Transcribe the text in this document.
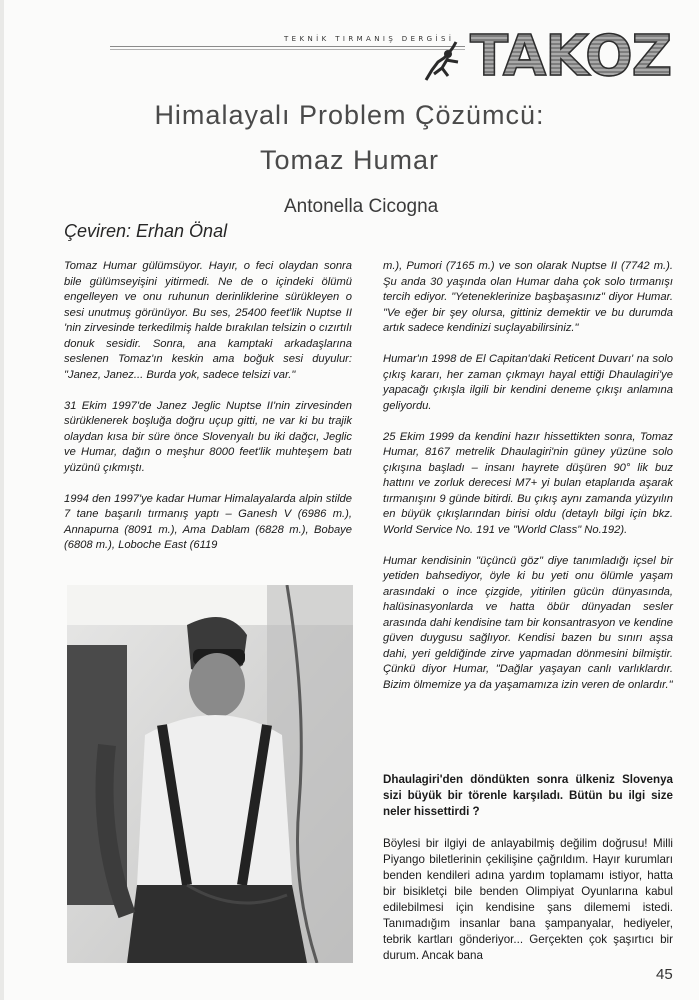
TEKNİK TIRMANIŞ DERGİSİ TAKOZ
Himalayalı Problem Çözümcü:
Tomaz Humar
Antonella Cicogna
Çeviren: Erhan Önal

Tomaz Humar gülümsüyor. Hayır, o feci olaydan sonra bile gülümseyişini yitirmedi. Ne de o içindeki ölümü engelleyen ve onu ruhunun derinliklerine sürükleyen o sesi unutmuş görünüyor. Bu ses, 25400 feet'lik Nuptse II 'nin zirvesinde terkedilmiş halde bırakılan telsizin o cızırtılı donuk sesidir. Sonra, ana kamptaki arkadaşlarına seslenen Tomaz'ın keskin ama boğuk sesi duyulur: "Janez, Janez... Burda yok, sadece telsizi var."

31 Ekim 1997'de Janez Jeglic Nuptse II'nin zirvesinden sürüklenerek boşluğa doğru uçup gitti, ne var ki bu trajik olaydan kısa bir süre önce Slovenyalı bu iki dağcı, Jeglic ve Humar, dağın o meşhur 8000 feet'lik muhteşem batı yüzünü çıkmıştı.

1994 den 1997'ye kadar Humar Himalayalarda alpin stilde 7 tane başarılı tırmanış yaptı – Ganesh V (6986 m.), Annapurna (8091 m.), Ama Dablam (6828 m.), Bobaye (6808 m.), Loboche East (6119

m.), Pumori (7165 m.) ve son olarak Nuptse II (7742 m.). Şu anda 30 yaşında olan Humar daha çok solo tırmanışı tercih ediyor. "Yeteneklerinize başbaşasınız" diyor Humar. "Ve eğer bir şey olursa, gittiniz demektir ve bu durumda artık sadece kendinizi suçlayabilirsiniz."

Humar'ın 1998 de El Capitan'daki Reticent Duvarı' na solo çıkış kararı, her zaman çıkmayı hayal ettiği Dhaulagiri'ye yapacağı çıkışla ilgili bir kendini deneme çıkışı anlamına geliyordu.

25 Ekim 1999 da kendini hazır hissettikten sonra, Tomaz Humar, 8167 metrelik Dhaulagiri'nin güney yüzüne solo çıkışına başladı – insanı hayrete düşüren 90° lik buz hattını ve zorluk derecesi M7+ yi bulan etaplarıda aşarak tırmanışını 9 günde bitirdi. Bu çıkış aynı zamanda yüzyılın en büyük çıkışlarından birisi oldu (detaylı bilgi için bkz. World Service No. 191 ve "World Class" No.192).

Humar kendisinin "üçüncü göz" diye tanımladığı içsel bir yetiden bahsediyor, öyle ki bu yeti onu ölümle yaşam arasındaki o ince çizgide, yitirilen gücün dünyasında, halüsinasyonlarda ve hatta öbür dünyadan sesler arasında dahi kendisine tam bir konsantrasyon ve kendine güven duygusu sağlıyor. Kendisi bazen bu sınırı aşsa dahi, yeri geldiğinde zirve yapmadan dönmesini bilmiştir. Çünkü diyor Humar, "Dağlar yaşayan canlı varlıklardır. Bizim ölmemize ya da yaşamamıza izin veren de onlardır."

Dhaulagiri'den döndükten sonra ülkeniz Slovenya sizi büyük bir törenle karşıladı. Bütün bu ilgi size neler hissettirdi ?

Böylesi bir ilgiyi de anlayabilmiş değilim doğrusu! Milli Piyango biletlerinin çekilişine çağrıldım. Hayır kurumları benden kendileri adına yardım toplamamı istiyor, hatta bir bisikletçi bile benden Olimpiyat Oyunlarına kabul edilebilmesi için kendisine şans dilememi istedi. Tanımadığım insanlar bana şampanyalar, hediyeler, tebrik kartları gönderiyor... Gerçekten çok şaşırtıcı bir durum. Ancak bana

45
